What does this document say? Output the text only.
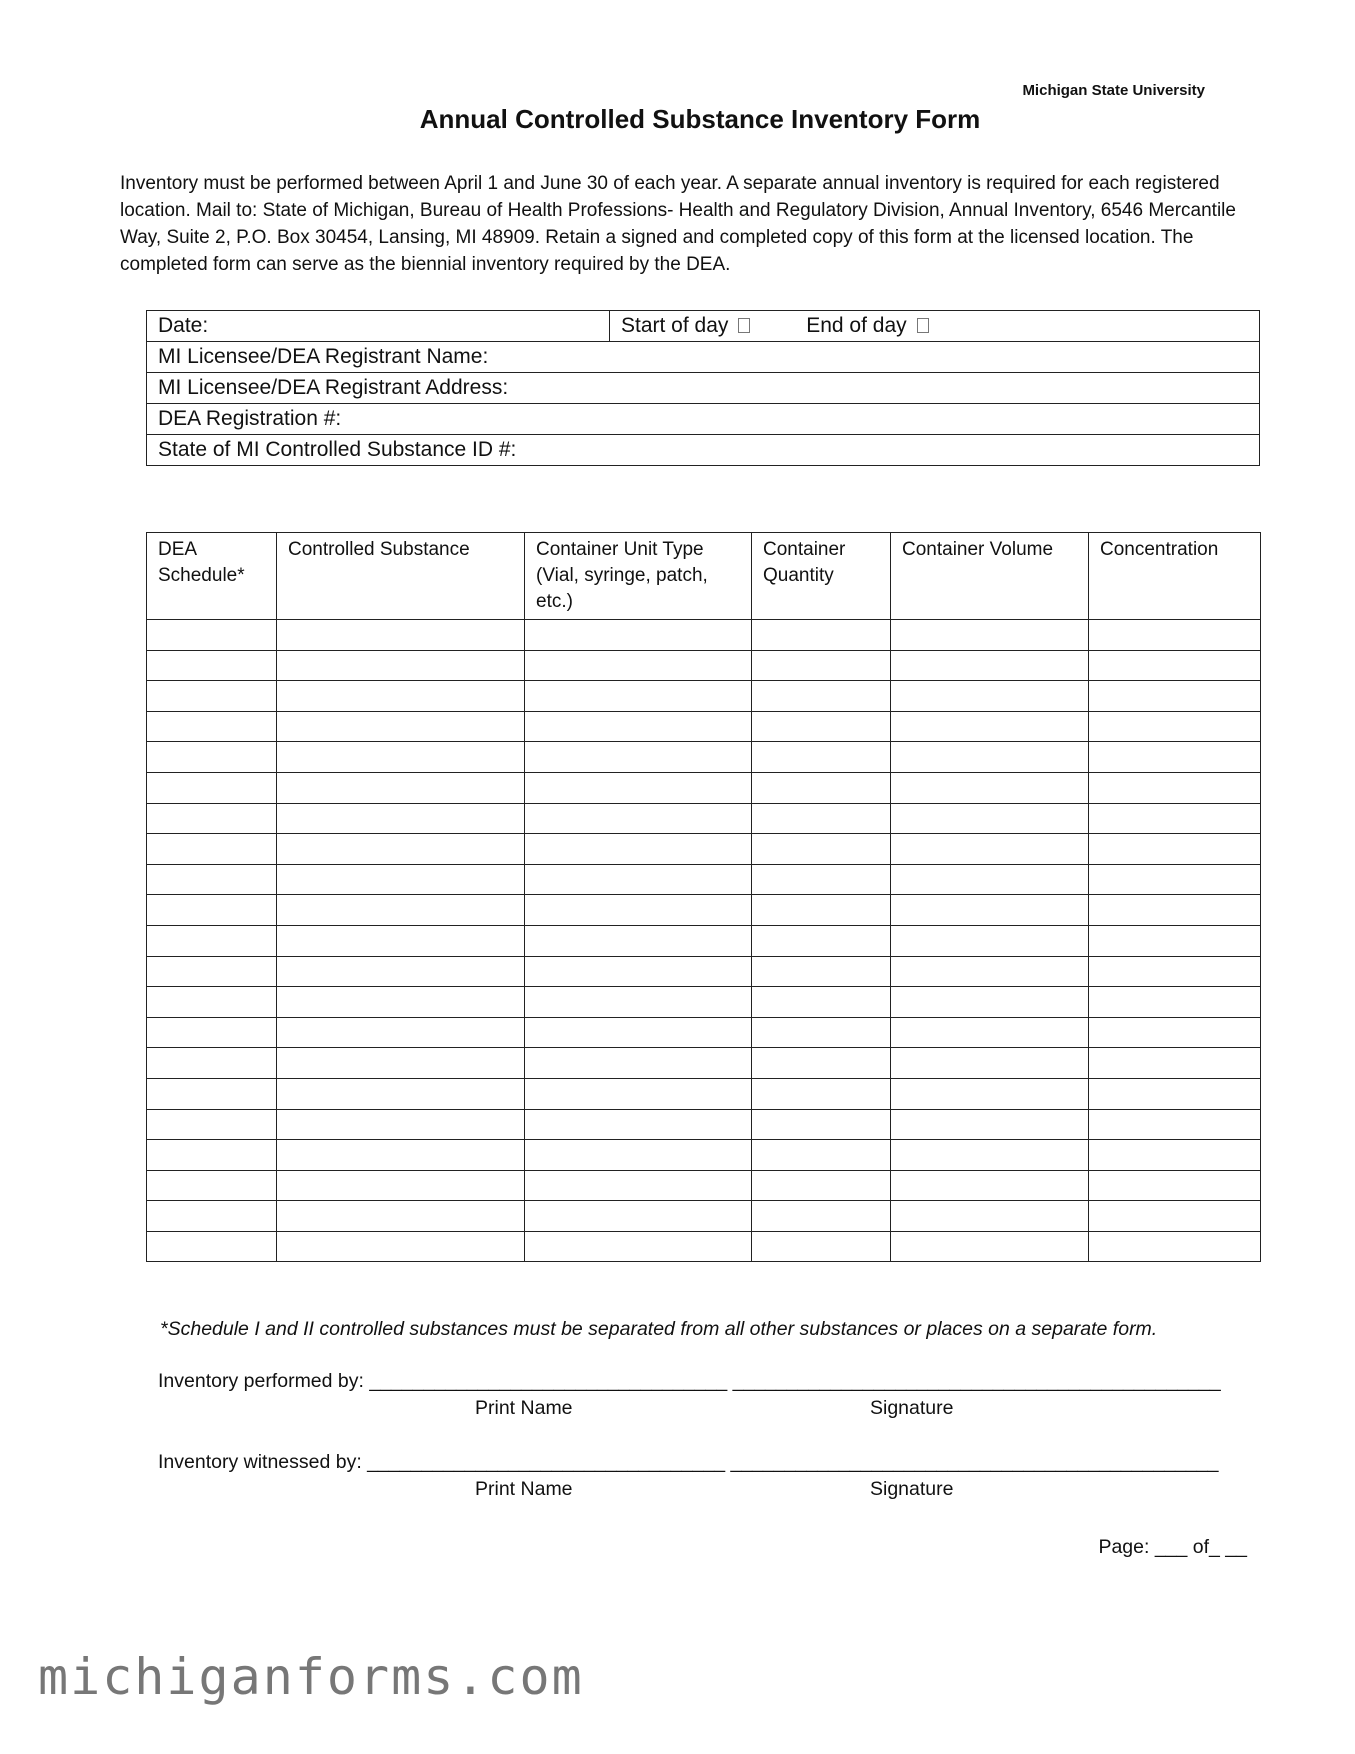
Michigan State University
Annual Controlled Substance Inventory Form

Inventory must be performed between April 1 and June 30 of each year. A separate annual inventory is required for each registered location. Mail to: State of Michigan, Bureau of Health Professions- Health and Regulatory Division, Annual Inventory, 6546 Mercantile Way, Suite 2, P.O. Box 30454, Lansing, MI 48909. Retain a signed and completed copy of this form at the licensed location. The completed form can serve as the biennial inventory required by the DEA.

Date:	Start of day	End of day
MI Licensee/DEA Registrant Name:
MI Licensee/DEA Registrant Address:
DEA Registration #:
State of MI Controlled Substance ID #:
DEA Schedule*	Controlled Substance	Container Unit Type (Vial, syringe, patch, etc.)	Container Quantity	Container Volume	Concentration

*Schedule I and II controlled substances must be separated from all other substances or places on a separate form.
Inventory performed by: _________________________________ _____________________________________________
Print Name	Signature
Inventory witnessed by: _________________________________ _____________________________________________
Print Name	Signature
Page: ___ of_ __
michiganforms.com
